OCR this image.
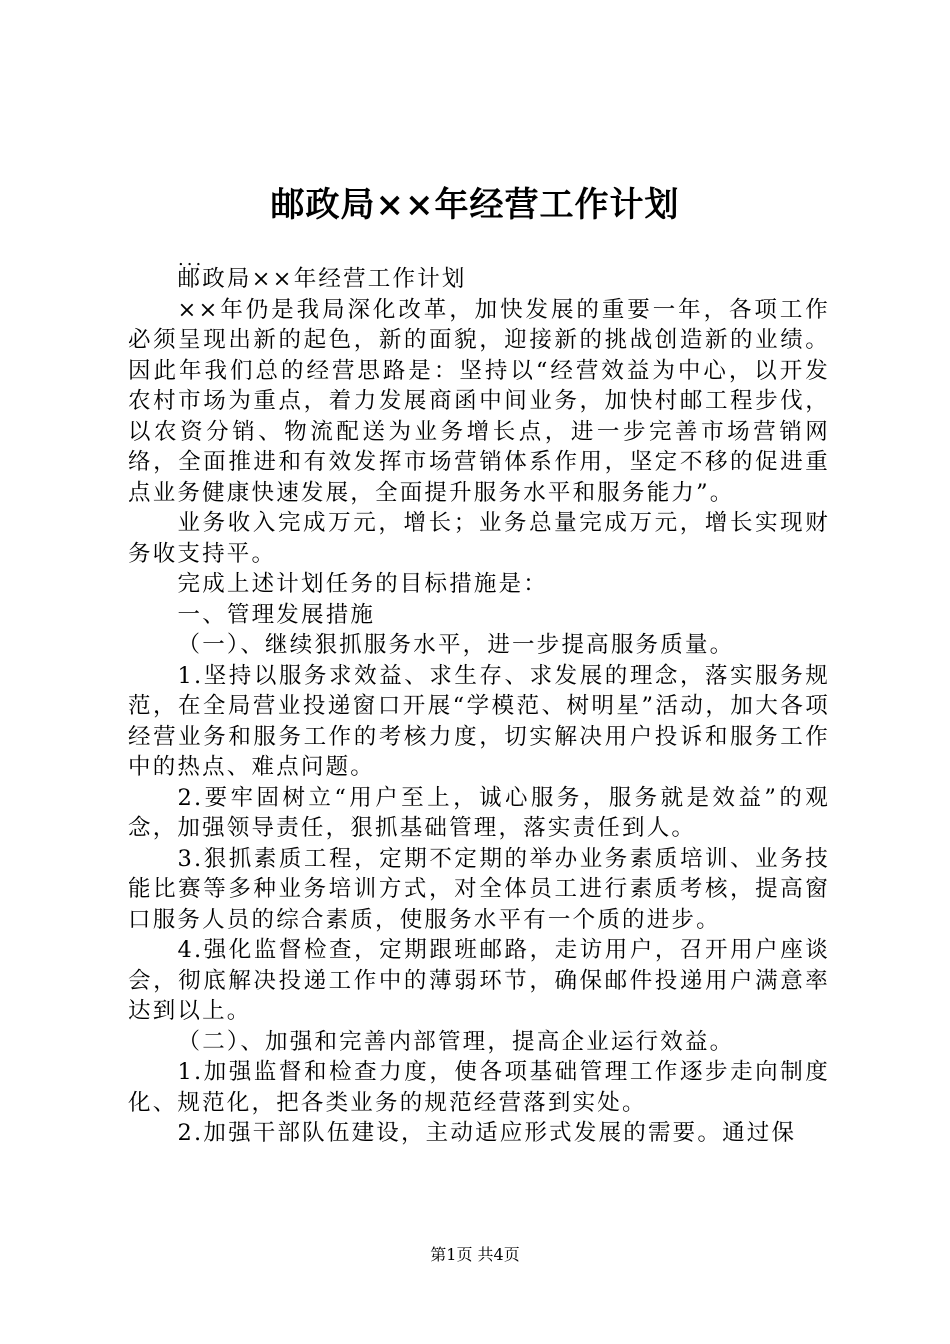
邮政局××年经营工作计划
...

邮政局××年经营工作计划

××年仍是我局深化改革，加快发展的重要一年，各项工作必须呈现出新的起色，新的面貌，迎接新的挑战创造新的业绩。因此年我们总的经营思路是：坚持以“经营效益为中心，以开发农村市场为重点，着力发展商函中间业务，加快村邮工程步伐，以农资分销、物流配送为业务增长点，进一步完善市场营销网络，全面推进和有效发挥市场营销体系作用，坚定不移的促进重点业务健康快速发展，全面提升服务水平和服务能力”。

业务收入完成万元，增长；业务总量完成万元，增长实现财务收支持平。

完成上述计划任务的目标措施是：

一、管理发展措施

（一）、继续狠抓服务水平，进一步提高服务质量。

1.坚持以服务求效益、求生存、求发展的理念，落实服务规范，在全局营业投递窗口开展“学模范、树明星”活动，加大各项经营业务和服务工作的考核力度，切实解决用户投诉和服务工作中的热点、难点问题。

2.要牢固树立“用户至上，诚心服务，服务就是效益”的观念，加强领导责任，狠抓基础管理，落实责任到人。

3.狠抓素质工程，定期不定期的举办业务素质培训、业务技能比赛等多种业务培训方式，对全体员工进行素质考核，提高窗口服务人员的综合素质，使服务水平有一个质的进步。

4.强化监督检查，定期跟班邮路，走访用户，召开用户座谈会，彻底解决投递工作中的薄弱环节，确保邮件投递用户满意率达到以上。

（二）、加强和完善内部管理，提高企业运行效益。

1.加强监督和检查力度，使各项基础管理工作逐步走向制度化、规范化，把各类业务的规范经营落到实处。

2.加强干部队伍建设，主动适应形式发展的需要。通过保

第1页 共4页
